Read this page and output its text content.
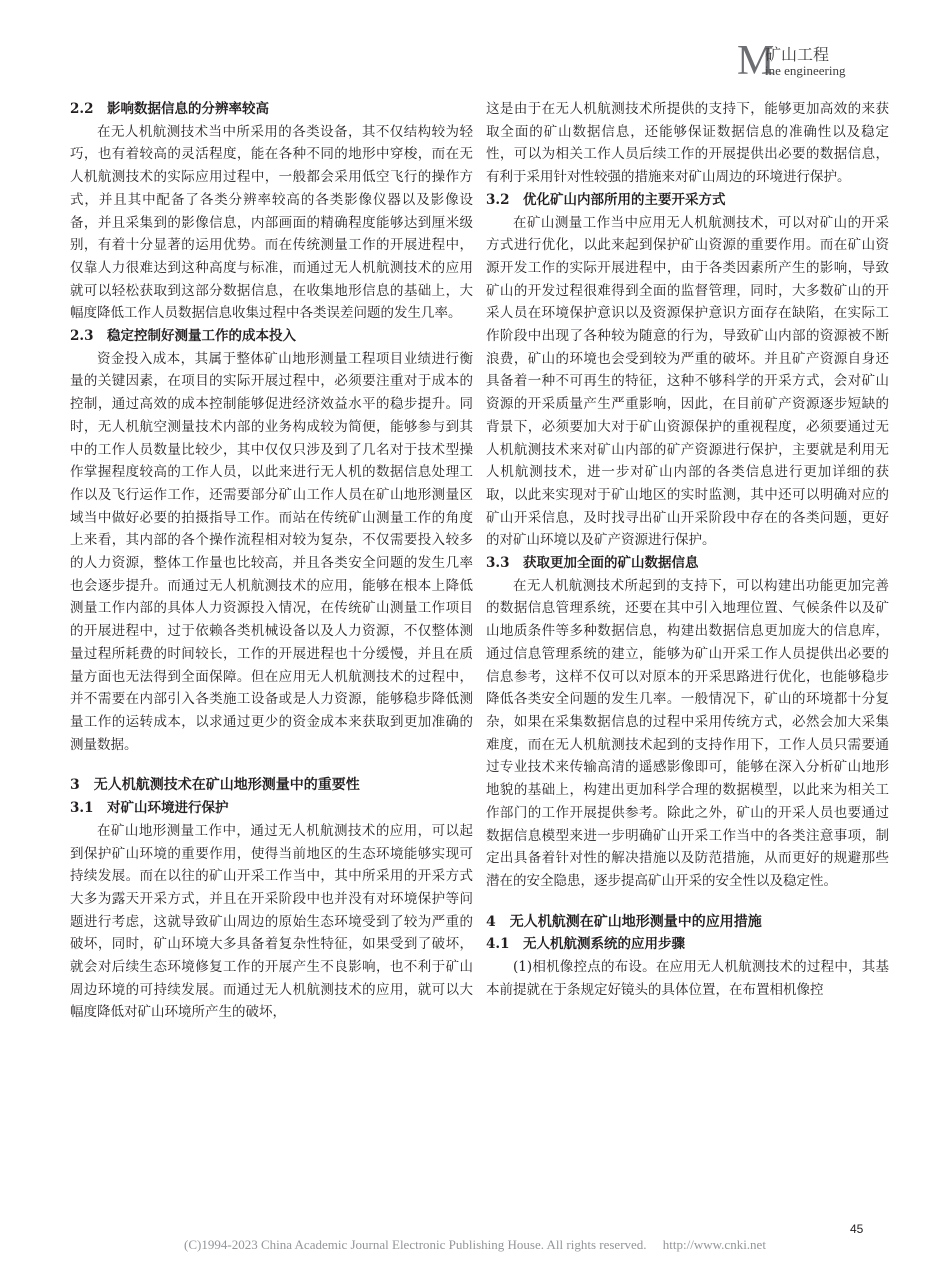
M
矿山工程
ine engineering

2.2　影响数据信息的分辨率较高

在无人机航测技术当中所采用的各类设备，其不仅结构较为轻巧，也有着较高的灵活程度，能在各种不同的地形中穿梭，而在无人机航测技术的实际应用过程中，一般都会采用低空飞行的操作方式，并且其中配备了各类分辨率较高的各类影像仪器以及影像设备，并且采集到的影像信息，内部画面的精确程度能够达到厘米级别，有着十分显著的运用优势。而在传统测量工作的开展进程中，仅靠人力很难达到这种高度与标准，而通过无人机航测技术的应用就可以轻松获取到这部分数据信息，在收集地形信息的基础上，大幅度降低工作人员数据信息收集过程中各类误差问题的发生几率。

2.3　稳定控制好测量工作的成本投入

资金投入成本，其属于整体矿山地形测量工程项目业绩进行衡量的关键因素，在项目的实际开展过程中，必须要注重对于成本的控制，通过高效的成本控制能够促进经济效益水平的稳步提升。同时，无人机航空测量技术内部的业务构成较为简便，能够参与到其中的工作人员数量比较少，其中仅仅只涉及到了几名对于技术型操作掌握程度较高的工作人员，以此来进行无人机的数据信息处理工作以及飞行运作工作，还需要部分矿山工作人员在矿山地形测量区域当中做好必要的拍摄指导工作。而站在传统矿山测量工作的角度上来看，其内部的各个操作流程相对较为复杂，不仅需要投入较多的人力资源，整体工作量也比较高，并且各类安全问题的发生几率也会逐步提升。而通过无人机航测技术的应用，能够在根本上降低测量工作内部的具体人力资源投入情况，在传统矿山测量工作项目的开展进程中，过于依赖各类机械设备以及人力资源，不仅整体测量过程所耗费的时间较长，工作的开展进程也十分缓慢，并且在质量方面也无法得到全面保障。但在应用无人机航测技术的过程中，并不需要在内部引入各类施工设备或是人力资源，能够稳步降低测量工作的运转成本，以求通过更少的资金成本来获取到更加准确的测量数据。

3　无人机航测技术在矿山地形测量中的重要性

3.1　对矿山环境进行保护

在矿山地形测量工作中，通过无人机航测技术的应用，可以起到保护矿山环境的重要作用，使得当前地区的生态环境能够实现可持续发展。而在以往的矿山开采工作当中，其中所采用的开采方式大多为露天开采方式，并且在开采阶段中也并没有对环境保护等问题进行考虑，这就导致矿山周边的原始生态环境受到了较为严重的破坏，同时，矿山环境大多具备着复杂性特征，如果受到了破坏，就会对后续生态环境修复工作的开展产生不良影响，也不利于矿山周边环境的可持续发展。而通过无人机航测技术的应用，就可以大幅度降低对矿山环境所产生的破坏，

这是由于在无人机航测技术所提供的支持下，能够更加高效的来获取全面的矿山数据信息，还能够保证数据信息的准确性以及稳定性，可以为相关工作人员后续工作的开展提供出必要的数据信息，有利于采用针对性较强的措施来对矿山周边的环境进行保护。

3.2　优化矿山内部所用的主要开采方式

在矿山测量工作当中应用无人机航测技术，可以对矿山的开采方式进行优化，以此来起到保护矿山资源的重要作用。而在矿山资源开发工作的实际开展进程中，由于各类因素所产生的影响，导致矿山的开发过程很难得到全面的监督管理，同时，大多数矿山的开采人员在环境保护意识以及资源保护意识方面存在缺陷，在实际工作阶段中出现了各种较为随意的行为，导致矿山内部的资源被不断浪费，矿山的环境也会受到较为严重的破坏。并且矿产资源自身还具备着一种不可再生的特征，这种不够科学的开采方式，会对矿山资源的开采质量产生严重影响，因此，在目前矿产资源逐步短缺的背景下，必须要加大对于矿山资源保护的重视程度，必须要通过无人机航测技术来对矿山内部的矿产资源进行保护，主要就是利用无人机航测技术，进一步对矿山内部的各类信息进行更加详细的获取，以此来实现对于矿山地区的实时监测，其中还可以明确对应的矿山开采信息，及时找寻出矿山开采阶段中存在的各类问题，更好的对矿山环境以及矿产资源进行保护。

3.3　获取更加全面的矿山数据信息

在无人机航测技术所起到的支持下，可以构建出功能更加完善的数据信息管理系统，还要在其中引入地理位置、气候条件以及矿山地质条件等多种数据信息，构建出数据信息更加庞大的信息库，通过信息管理系统的建立，能够为矿山开采工作人员提供出必要的信息参考，这样不仅可以对原本的开采思路进行优化，也能够稳步降低各类安全问题的发生几率。一般情况下，矿山的环境都十分复杂，如果在采集数据信息的过程中采用传统方式，必然会加大采集难度，而在无人机航测技术起到的支持作用下，工作人员只需要通过专业技术来传输高清的遥感影像即可，能够在深入分析矿山地形地貌的基础上，构建出更加科学合理的数据模型，以此来为相关工作部门的工作开展提供参考。除此之外，矿山的开采人员也要通过数据信息模型来进一步明确矿山开采工作当中的各类注意事项，制定出具备着针对性的解决措施以及防范措施，从而更好的规避那些潜在的安全隐患，逐步提高矿山开采的安全性以及稳定性。

4　无人机航测在矿山地形测量中的应用措施

4.1　无人机航测系统的应用步骤

(1)相机像控点的布设。在应用无人机航测技术的过程中，其基本前提就在于条规定好镜头的具体位置，在布置相机像控

45
(C)1994-2023 China Academic Journal Electronic Publishing House. All rights reserved.　 http://www.cnki.net
